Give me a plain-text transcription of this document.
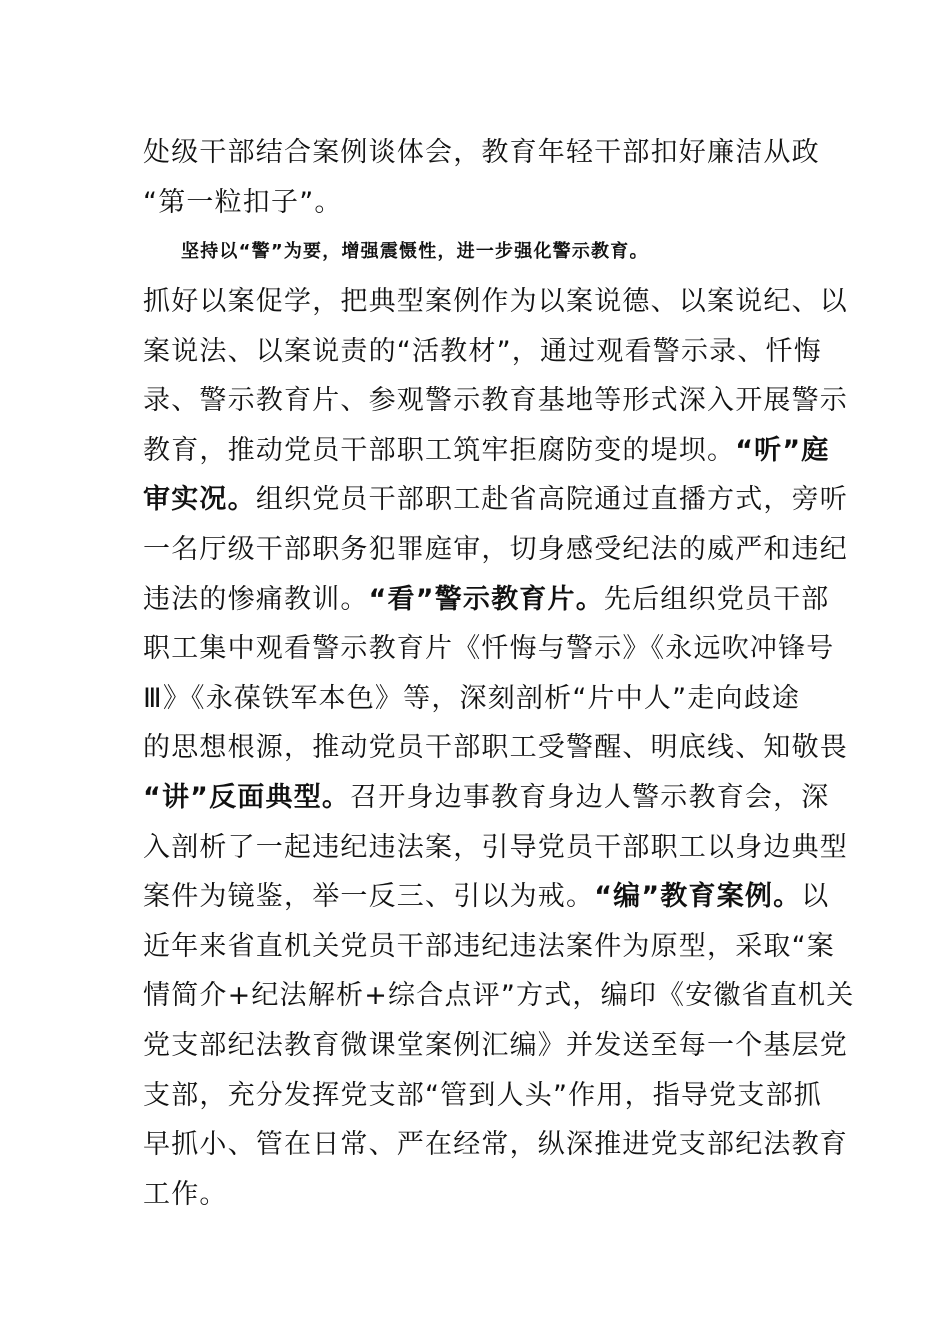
处级干部结合案例谈体会，教育年轻干部扣好廉洁从政
“第一粒扣子”。
坚持以“警”为要，增强震慑性，进一步强化警示教育。
抓好以案促学，把典型案例作为以案说德、以案说纪、以
案说法、以案说责的“活教材”，通过观看警示录、忏悔
录、警示教育片、参观警示教育基地等形式深入开展警示
教育，推动党员干部职工筑牢拒腐防变的堤坝。“听”庭
审实况。组织党员干部职工赴省高院通过直播方式，旁听
一名厅级干部职务犯罪庭审，切身感受纪法的威严和违纪
违法的惨痛教训。“看”警示教育片。先后组织党员干部
职工集中观看警示教育片《忏悔与警示》《永远吹冲锋号
Ⅲ》《永葆铁军本色》等，深刻剖析“片中人”走向歧途
的思想根源，推动党员干部职工受警醒、明底线、知敬畏
“讲”反面典型。召开身边事教育身边人警示教育会，深
入剖析了一起违纪违法案，引导党员干部职工以身边典型
案件为镜鉴，举一反三、引以为戒。“编”教育案例。以
近年来省直机关党员干部违纪违法案件为原型，采取“案
情简介+纪法解析+综合点评”方式，编印《安徽省直机关
党支部纪法教育微课堂案例汇编》并发送至每一个基层党
支部，充分发挥党支部“管到人头”作用，指导党支部抓
早抓小、管在日常、严在经常，纵深推进党支部纪法教育
工作。
